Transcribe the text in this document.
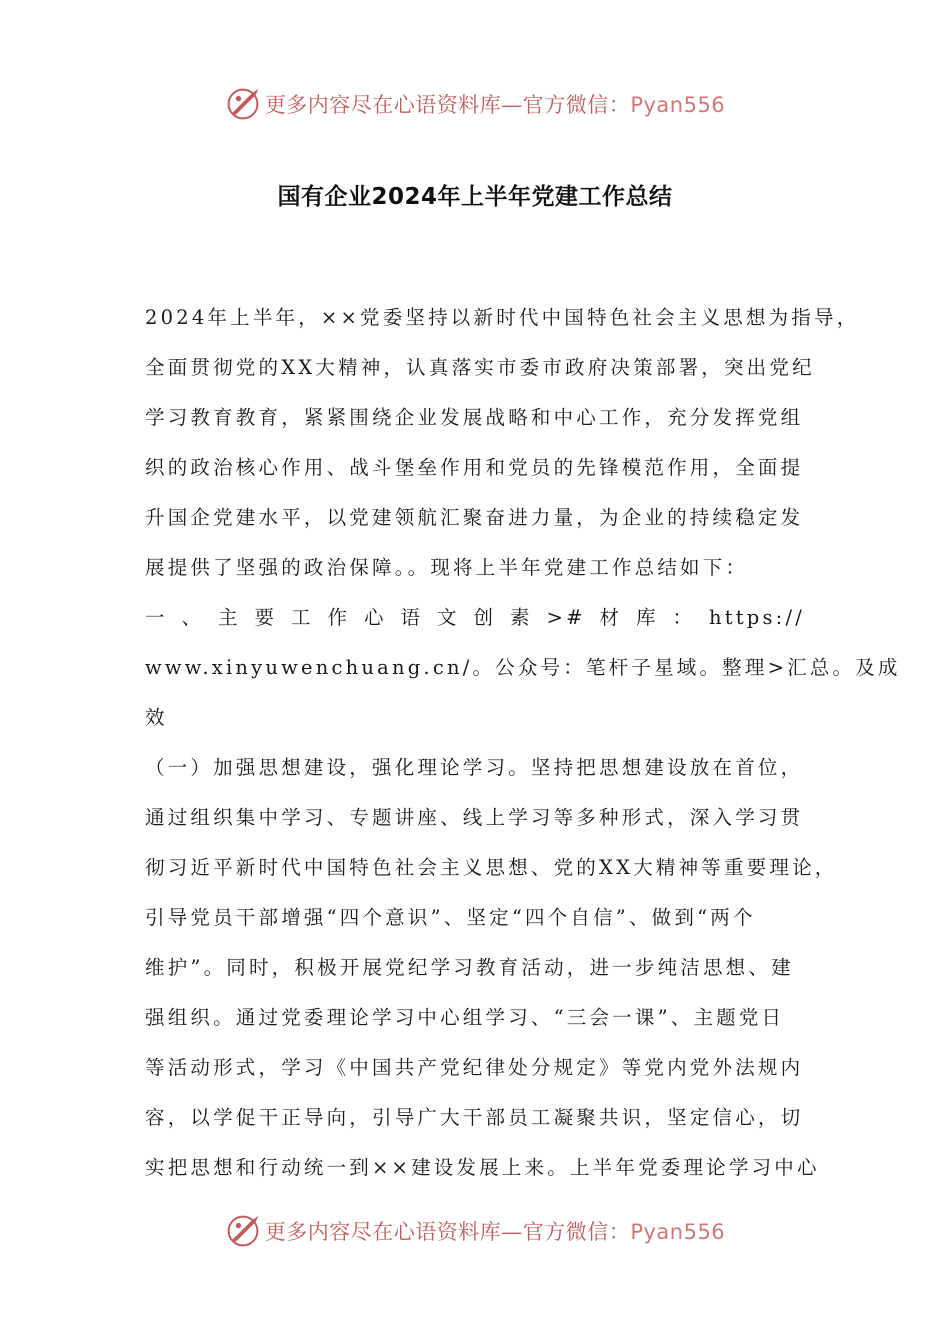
更多内容尽在心语资料库—官方微信：Pyan556
国有企业2024年上半年党建工作总结
2024年上半年，××党委坚持以新时代中国特色社会主义思想为指导，
全面贯彻党的XX大精神，认真落实市委市政府决策部署，突出党纪
学习教育教育，紧紧围绕企业发展战略和中心工作，充分发挥党组
织的政治核心作用、战斗堡垒作用和党员的先锋模范作用，全面提
升国企党建水平，以党建领航汇聚奋进力量，为企业的持续稳定发
展提供了坚强的政治保障。。现将上半年党建工作总结如下：
一、主要工作心语文创素>#材库：https://
www.xinyuwenchuang.cn/。公众号：笔杆子星域。整理>汇总。及成
效
（一）加强思想建设，强化理论学习。坚持把思想建设放在首位，
通过组织集中学习、专题讲座、线上学习等多种形式，深入学习贯
彻习近平新时代中国特色社会主义思想、党的XX大精神等重要理论，
引导党员干部增强“四个意识”、坚定“四个自信”、做到“两个
维护”。同时，积极开展党纪学习教育活动，进一步纯洁思想、建
强组织。通过党委理论学习中心组学习、“三会一课”、主题党日
等活动形式，学习《中国共产党纪律处分规定》等党内党外法规内
容，以学促干正导向，引导广大干部员工凝聚共识，坚定信心，切
实把思想和行动统一到××建设发展上来。上半年党委理论学习中心
更多内容尽在心语资料库—官方微信：Pyan556
